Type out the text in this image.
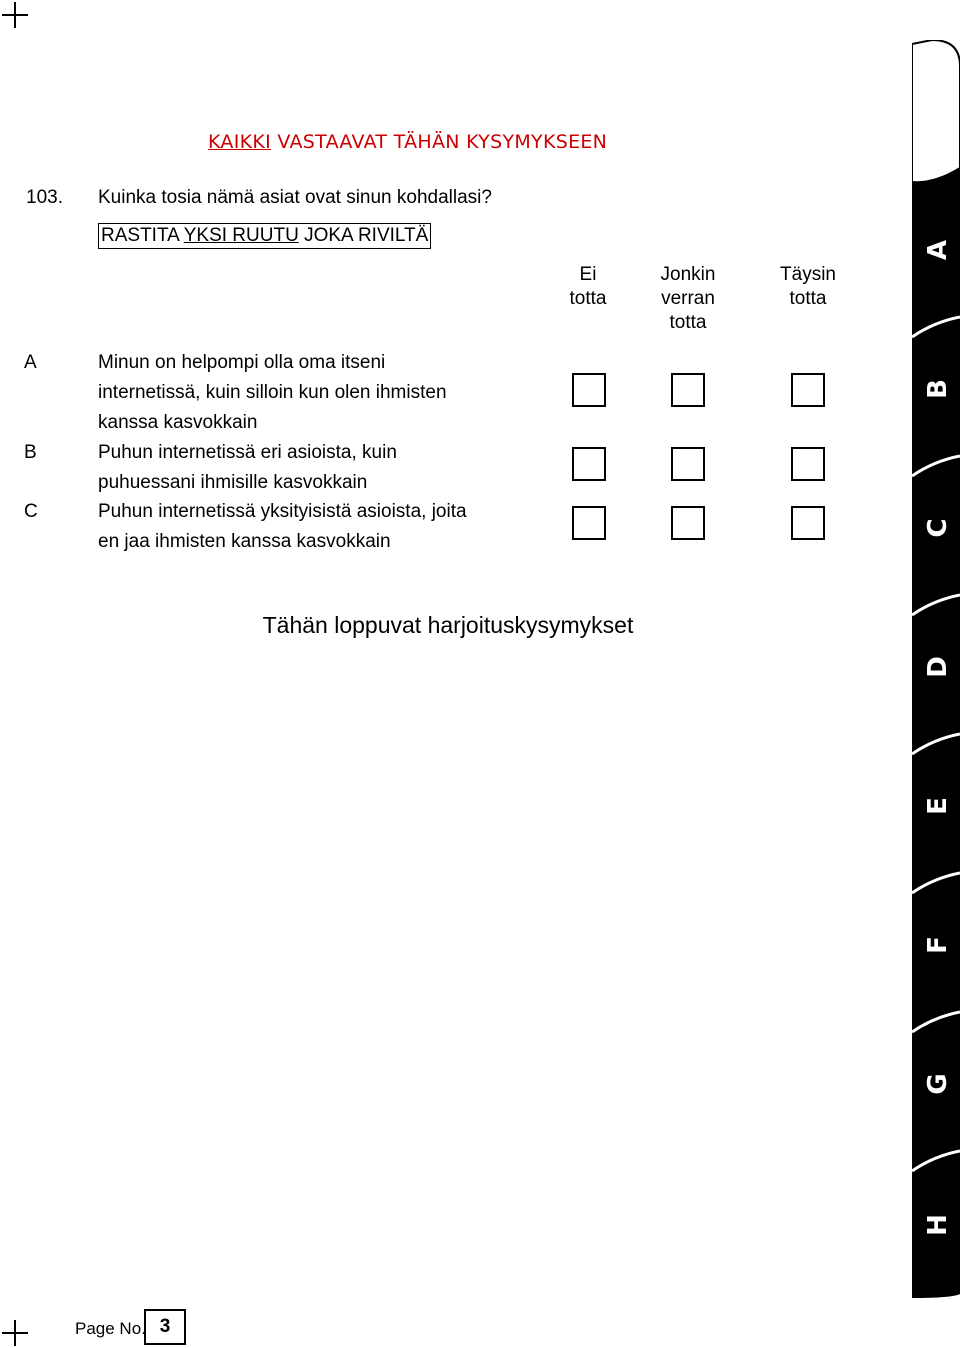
KAIKKI VASTAAVAT TÄHÄN KYSYMYKSEEN
103. Kuinka tosia nämä asiat ovat sinun kohdallasi?
RASTITA YKSI RUUTU JOKA RIVILTÄ
Ei
totta
Jonkin
verran
totta
Täysin
totta
A	Minun on helpompi olla oma itseni
internetissä, kuin silloin kun olen ihmisten
kanssa kasvokkain
B	Puhun internetissä eri asioista, kuin
puhuessani ihmisille kasvokkain
C	Puhun internetissä yksityisistä asioista, joita
en jaa ihmisten kanssa kasvokkain
Tähän loppuvat harjoituskysymykset
Page No. 3
A
B
C
D
E
F
G
H
